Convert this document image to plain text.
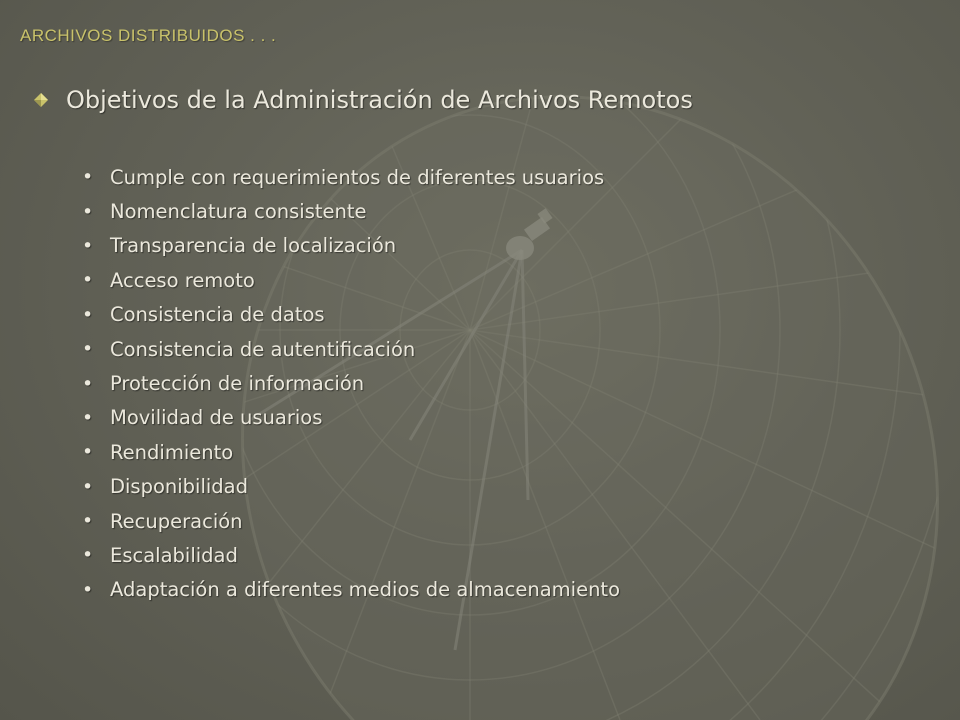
ARCHIVOS DISTRIBUIDOS . . .
Objetivos de la Administración de Archivos Remotos
• Cumple con requerimientos de diferentes usuarios
• Nomenclatura consistente
• Transparencia de localización
• Acceso remoto
• Consistencia de datos
• Consistencia de autentificación
• Protección de información
• Movilidad de usuarios
• Rendimiento
• Disponibilidad
• Recuperación
• Escalabilidad
• Adaptación a diferentes medios de almacenamiento
